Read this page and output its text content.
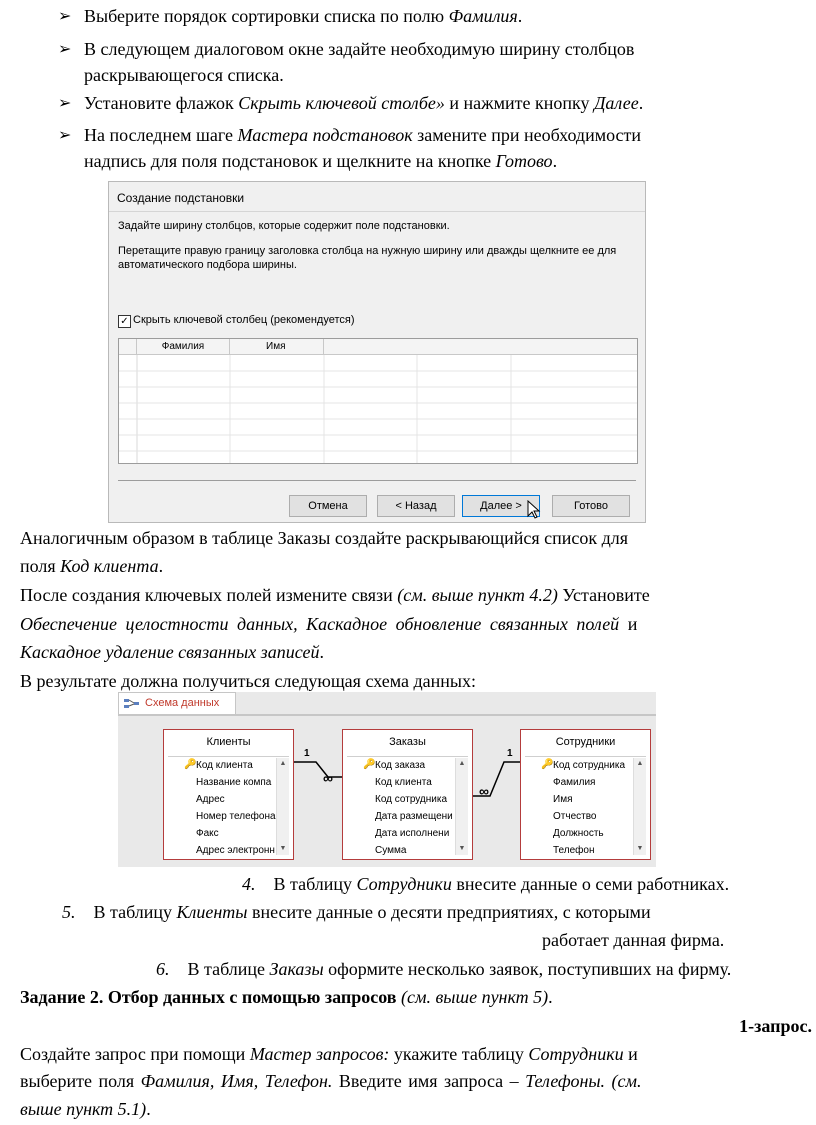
➢ Выберите порядок сортировки списка по полю Фамилия.
➢ В следующем диалоговом окне задайте необходимую ширину столбцов
раскрывающегося списка.
➢ Установите флажок Скрыть ключевой столбе» и нажмите кнопку Далее.
➢ На последнем шаге Мастера подстановок замените при необходимости
надпись для поля подстановок и щелкните на кнопке Готово.
Создание подстановки
Задайте ширину столбцов, которые содержит поле подстановки.
Перетащите правую границу заголовка столбца на нужную ширину или дважды щелкните ее для
автоматического подбора ширины.
✓ Скрыть ключевой столбец (рекомендуется)
Фамилия	Имя
Отмена	< Назад	Далее >	Готово
Аналогичным образом в таблице Заказы создайте раскрывающийся список для
поля Код клиента.
После создания ключевых полей измените связи (см. выше пункт 4.2) Установите
Обеспечение целостности данных, Каскадное обновление связанных полей и
Каскадное удаление связанных записей.
В результате должна получиться следующая схема данных:
Схема данных
Клиенты
🔑 Код клиента
Название компа
Адрес
Номер телефона
Факс
Адрес электронн
▲
▼
Заказы
🔑 Код заказа
Код клиента
Код сотрудника
Дата размещени
Дата исполнени
Сумма
▲
▼
Сотрудники
🔑 Код сотрудника
Фамилия
Имя
Отчество
Должность
Телефон
▲
▼
1
∞
∞
1
4. В таблицу Сотрудники внесите данные о семи работниках.
5. В таблицу Клиенты внесите данные о десяти предприятиях, с которыми
работает данная фирма.
6. В таблице Заказы оформите несколько заявок, поступивших на фирму.
Задание 2. Отбор данных с помощью запросов (см. выше пункт 5).
1-запрос.
Создайте запрос при помощи Мастер запросов: укажите таблицу Сотрудники и
выберите поля Фамилия, Имя, Телефон. Введите имя запроса – Телефоны. (см.
выше пункт 5.1).
